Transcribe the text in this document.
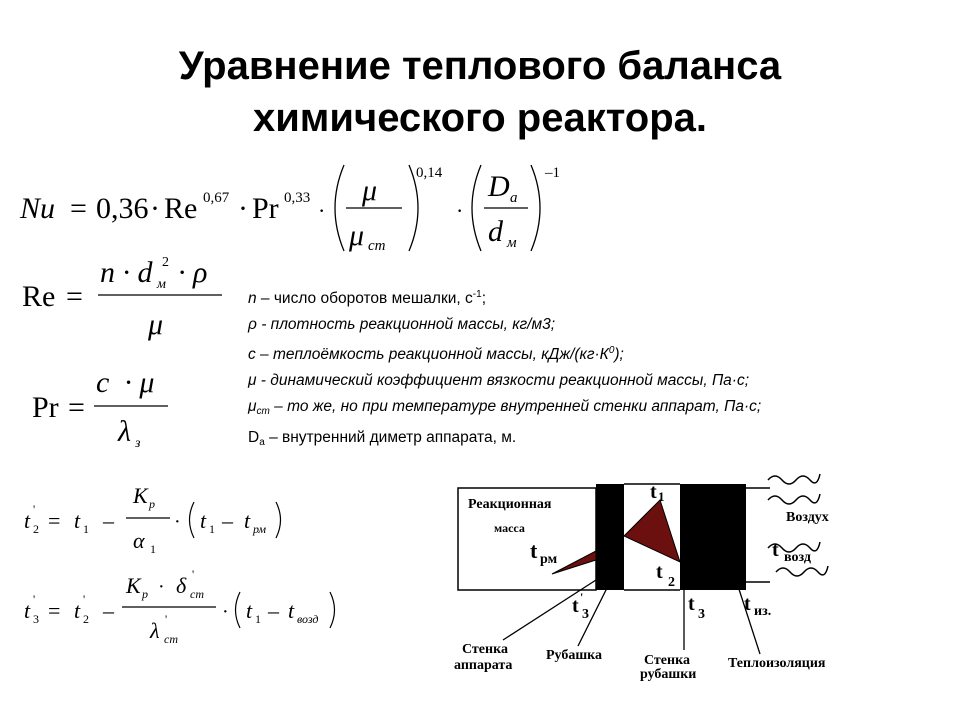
Уравнение теплового баланса
химического реактора.
Nu = 0,36 · Re 0,67 · Pr 0,33 ·
μ
μ ст
0,14
·
D а
d м
–1
Re =
n · d м
2 · ρ
μ
Pr =
c  · μ
λ з
t '
2 = t 1 –
K p
α 1
· t 1 – t рм
t '
3 = t '
2 –
K p · δ '
ст
λ '
ст
· t 1 – t возд
Реакционная
масса
t рм
t 1
t 2
t '
3	t 3 t из.
t возд
Воздух
Стенка
аппарата
Рубашка	Стенка
рубашки
Теплоизоляция
n – число оборотов мешалки, $с^{-1}$;
ρ - плотность реакционной массы, кг/м3;
с – теплоёмкость реакционной массы, кДж/$(кг\cdot К^0)$;
μ - динамический коэффициент вязкости реакционной массы, Па·с;
$\mu_{ст}$ – то же, но при температуре внутренней стенки аппарат, Па·с;
$D_а$ – внутренний диметр аппарата, м.
